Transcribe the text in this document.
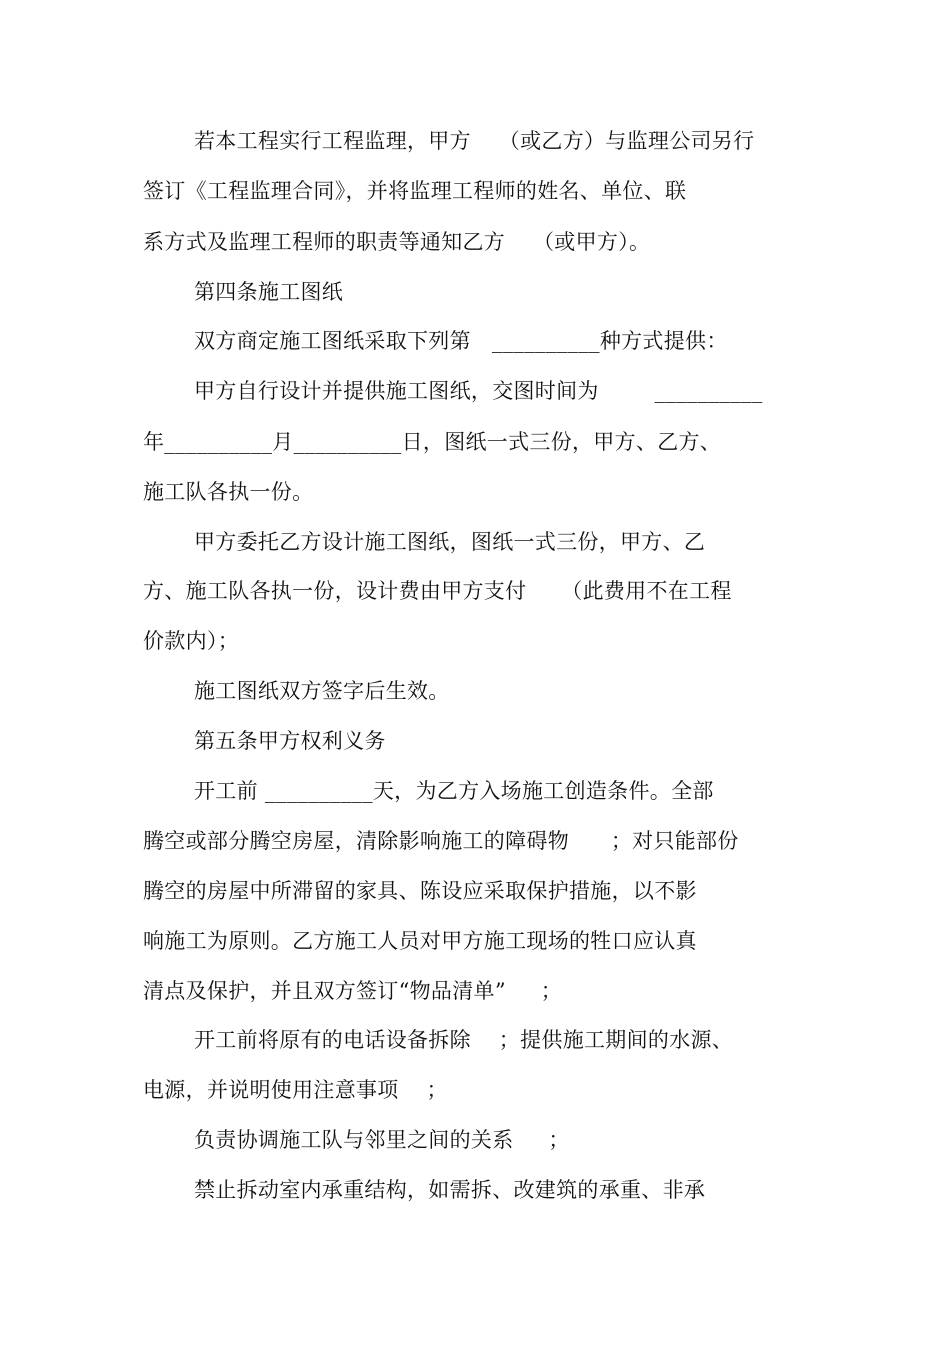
若本工程实行工程监理，甲方    （或乙方）与监理公司另行
签订《工程监理合同》，并将监理工程师的姓名、单位、联
系方式及监理工程师的职责等通知乙方    （或甲方）。
第四条施工图纸
双方商定施工图纸采取下列第   __________种方式提供：
甲方自行设计并提供施工图纸，交图时间为        __________
年__________月__________日，图纸一式三份，甲方、乙方、
施工队各执一份。
甲方委托乙方设计施工图纸，图纸一式三份，甲方、乙
方、施工队各执一份，设计费由甲方支付     （此费用不在工程
价款内）；
施工图纸双方签字后生效。
第五条甲方权利义务
开工前 __________天，为乙方入场施工创造条件。全部
腾空或部分腾空房屋，清除影响施工的障碍物      ；对只能部份
腾空的房屋中所滞留的家具、陈设应采取保护措施，以不影
响施工为原则。乙方施工人员对甲方施工现场的牲口应认真
清点及保护，并且双方签订“物品清单”     ；
开工前将原有的电话设备拆除    ；提供施工期间的水源、
电源，并说明使用注意事项    ；
负责协调施工队与邻里之间的关系     ；
禁止拆动室内承重结构，如需拆、改建筑的承重、非承
